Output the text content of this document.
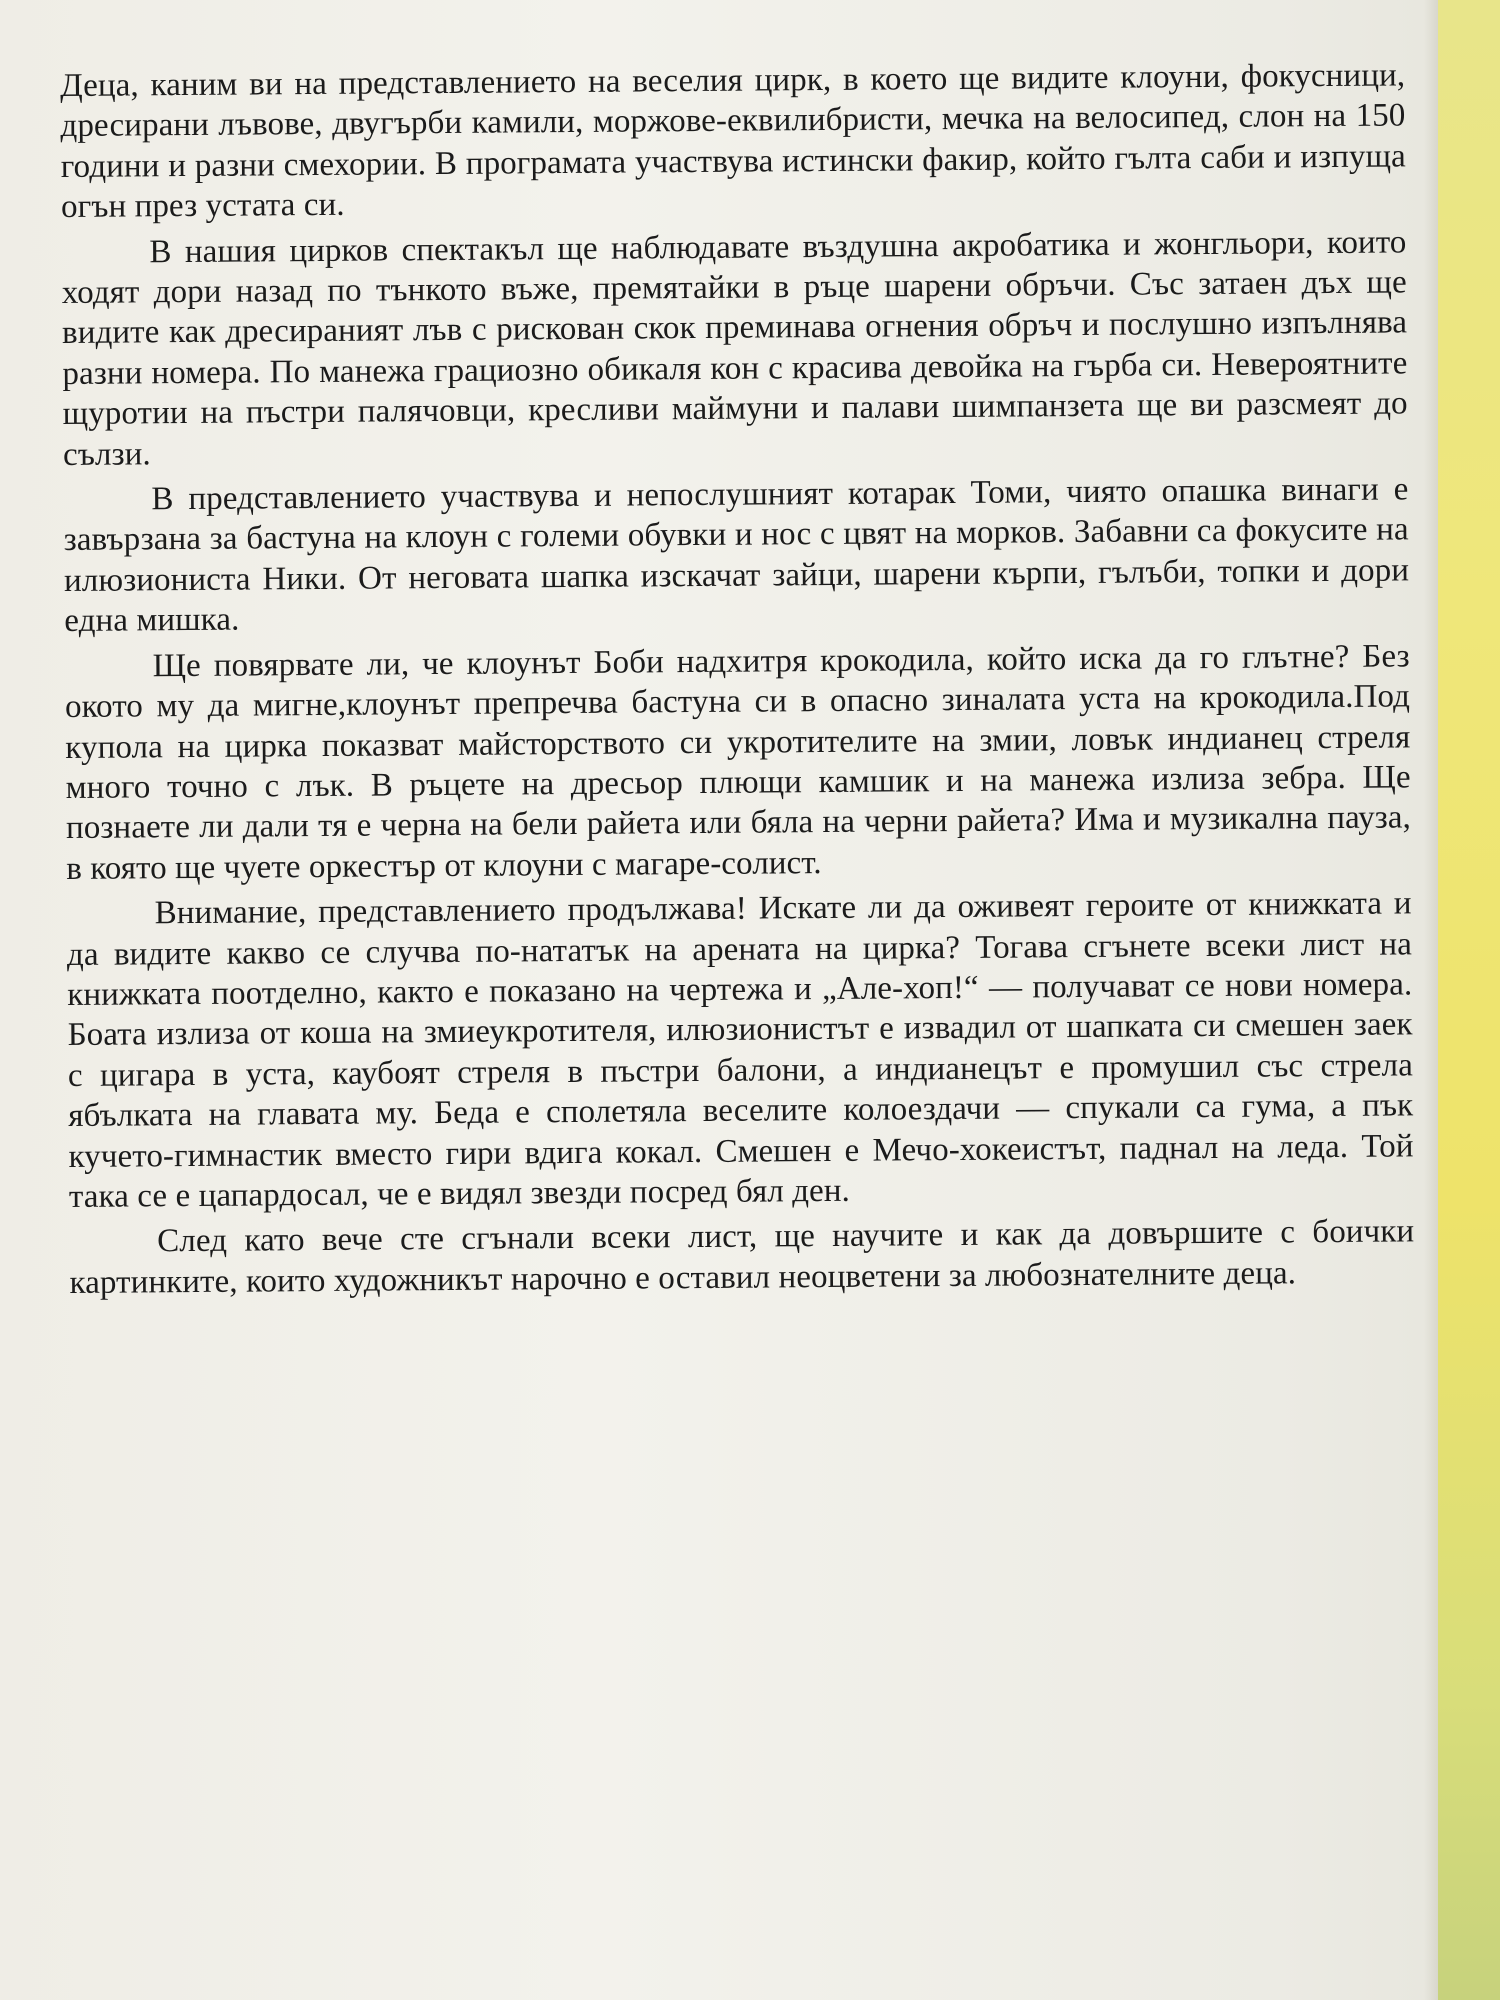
Деца, каним ви на представлението на веселия цирк, в което ще видите клоуни, фокусници, дресирани лъвове, двугърби камили, моржове-еквилибристи, мечка на велосипед, слон на 150 години и разни смехории. В програмата участвува истински факир, който гълта саби и изпуща огън през устата си.

В нашия цирков спектакъл ще наблюдавате въздушна акробатика и жонгльори, които ходят дори назад по тънкото въже, премятайки в ръце шарени обръчи. Със затаен дъх ще видите как дресираният лъв с рискован скок преминава огнения обръч и послушно изпълнява разни номера. По манежа грациозно обикаля кон с красива девойка на гърба си. Невероятните щуротии на пъстри палячовци, кресливи маймуни и палави шимпанзета ще ви разсмеят до сълзи.

В представлението участвува и непослушният котарак Томи, чиято опашка винаги е завързана за бастуна на клоун с големи обувки и нос с цвят на морков. Забавни са фокусите на илюзиониста Ники. От неговата шапка изскачат зайци, шарени кърпи, гълъби, топки и дори една мишка.

Ще повярвате ли, че клоунът Боби надхитря крокодила, който иска да го глътне? Без окото му да мигне,клоунът препречва бастуна си в опасно зиналата уста на крокодила.Под купола на цирка показват майсторството си укротителите на змии, ловък индианец стреля много точно с лък. В ръцете на дресьор плющи камшик и на манежа излиза зебра. Ще познаете ли дали тя е черна на бели райета или бяла на черни райета? Има и музикална пауза, в която ще чуете оркестър от клоуни с магаре-солист.

Внимание, представлението продължава! Искате ли да оживеят героите от книжката и да видите какво се случва по-нататък на арената на цирка? Тогава сгънете всеки лист на книжката поотделно, както е показано на чертежа и „Але-хоп!“ — получават се нови номера. Боата излиза от коша на змиеукротителя, илюзионистът е извадил от шапката си смешен заек с цигара в уста, каубоят стреля в пъстри балони, а индианецът е промушил със стрела ябълката на главата му. Беда е сполетяла веселите колоездачи — спукали са гума, а пък кучето-гимнастик вместо гири вдига кокал. Смешен е Мечо-хокеистът, паднал на леда. Той така се е цапардосал, че е видял звезди посред бял ден.

След като вече сте сгънали всеки лист, ще научите и как да довършите с боички картинките, които художникът нарочно е оставил неоцветени за любознателните деца.
